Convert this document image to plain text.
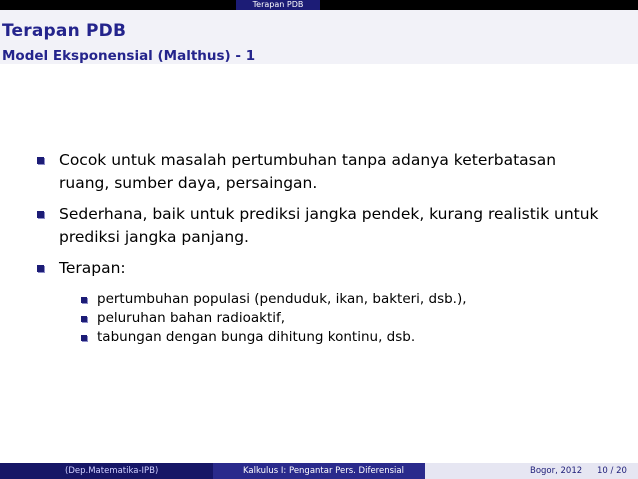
Terapan PDB
Terapan PDB
Model Eksponensial (Malthus) - 1
Cocok untuk masalah pertumbuhan tanpa adanya keterbatasan
ruang, sumber daya, persaingan.
Sederhana, baik untuk prediksi jangka pendek, kurang realistik untuk
prediksi jangka panjang.
Terapan:
pertumbuhan populasi (penduduk, ikan, bakteri, dsb.),
peluruhan bahan radioaktif,
tabungan dengan bunga dihitung kontinu, dsb.
(Dep.Matematika-IPB)	Kalkulus I: Pengantar Pers. Diferensial	Bogor, 2012 10 / 20
